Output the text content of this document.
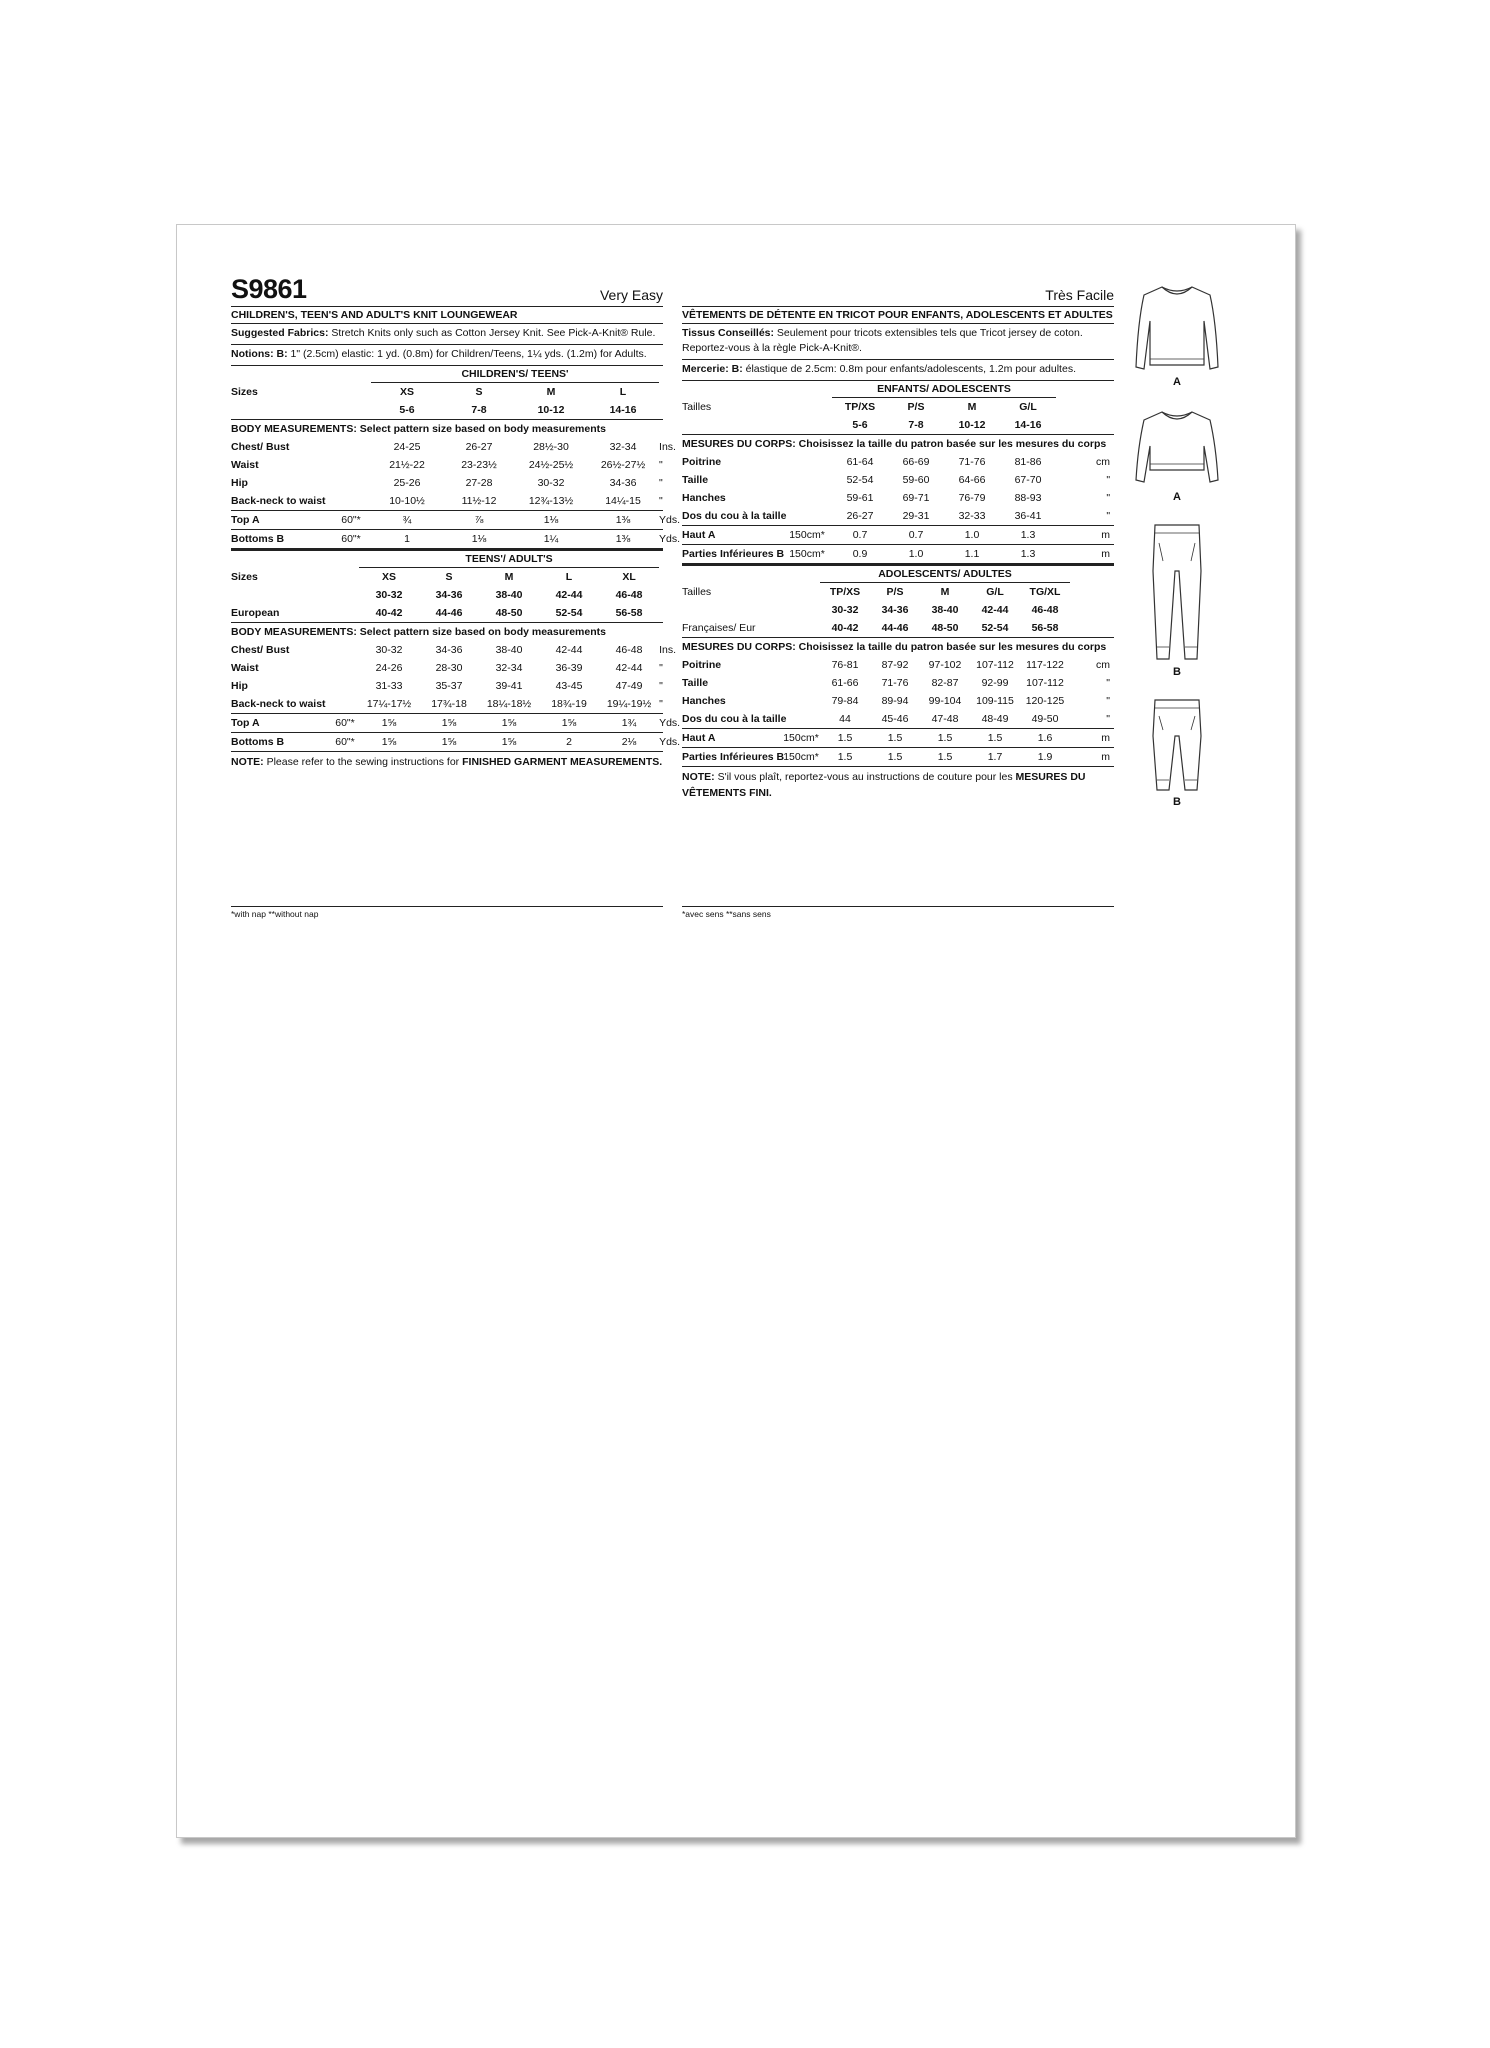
S9861	Very Easy
CHILDREN'S, TEEN'S AND ADULT'S KNIT LOUNGEWEAR
Suggested Fabrics: Stretch Knits only such as Cotton Jersey Knit. See Pick-A-Knit® Rule.
Notions: B: 1" (2.5cm) elastic: 1 yd. (0.8m) for Children/Teens, 1¼ yds. (1.2m) for Adults.
		CHILDREN'S/ TEENS'				
Sizes		XS	S	M	L	
		5-6	7-8	10-12	14-16	
BODY MEASUREMENTS: Select pattern size based on body measurements						
Chest/ Bust		24-25	26-27	28½-30	32-34	Ins.
Waist		21½-22	23-23½	24½-25½	26½-27½	"
Hip		25-26	27-28	30-32	34-36	"
Back-neck to waist		10-10½	11½-12	12¾-13½	14¼-15	"
Top A	60"*	¾	⅞	1⅛	1⅜	Yds.
Bottoms B	60"*	1	1⅛	1¼	1⅜	Yds.
		TEENS'/ ADULT'S					
Sizes		XS	S	M	L	XL	
		30-32	34-36	38-40	42-44	46-48	
European		40-42	44-46	48-50	52-54	56-58	
BODY MEASUREMENTS: Select pattern size based on body measurements							
Chest/ Bust		30-32	34-36	38-40	42-44	46-48	Ins.
Waist		24-26	28-30	32-34	36-39	42-44	"
Hip		31-33	35-37	39-41	43-45	47-49	"
Back-neck to waist		17¼-17½	17¾-18	18¼-18½	18¾-19	19¼-19½	"
Top A	60"*	1⅝	1⅝	1⅝	1⅝	1¾	Yds.
Bottoms B	60"*	1⅝	1⅝	1⅝	2	2⅛	Yds.
NOTE: Please refer to the sewing instructions for FINISHED GARMENT MEASUREMENTS.
*with nap **without nap
Très Facile
VÊTEMENTS DE DÉTENTE EN TRICOT POUR ENFANTS, ADOLESCENTS ET ADULTES
Tissus Conseillés: Seulement pour tricots extensibles tels que Tricot jersey de coton. Reportez-vous à la règle Pick-A-Knit®.
Mercerie: B: élastique de 2.5cm: 0.8m pour enfants/adolescents, 1.2m pour adultes.
		ENFANTS/ ADOLESCENTS				
Tailles		TP/XS	P/S	M	G/L	
		5-6	7-8	10-12	14-16	
MESURES DU CORPS: Choisissez la taille du patron basée sur les mesures du corps						
Poitrine		61-64	66-69	71-76	81-86	cm
Taille		52-54	59-60	64-66	67-70	"
Hanches		59-61	69-71	76-79	88-93	"
Dos du cou à la taille		26-27	29-31	32-33	36-41	"
Haut A	150cm*	0.7	0.7	1.0	1.3	m
Parties Inférieures B	150cm*	0.9	1.0	1.1	1.3	m
		ADOLESCENTS/ ADULTES					
Tailles		TP/XS	P/S	M	G/L	TG/XL	
		30-32	34-36	38-40	42-44	46-48	
Françaises/ Eur		40-42	44-46	48-50	52-54	56-58	
MESURES DU CORPS: Choisissez la taille du patron basée sur les mesures du corps							
Poitrine		76-81	87-92	97-102	107-112	117-122	cm
Taille		61-66	71-76	82-87	92-99	107-112	"
Hanches		79-84	89-94	99-104	109-115	120-125	"
Dos du cou à la taille		44	45-46	47-48	48-49	49-50	"
Haut A	150cm*	1.5	1.5	1.5	1.5	1.6	m
Parties Inférieures B	150cm*	1.5	1.5	1.5	1.7	1.9	m
NOTE: S'il vous plaît, reportez-vous au instructions de couture pour les MESURES DU VÊTEMENTS FINI.
*avec sens **sans sens
A
A
B
B
